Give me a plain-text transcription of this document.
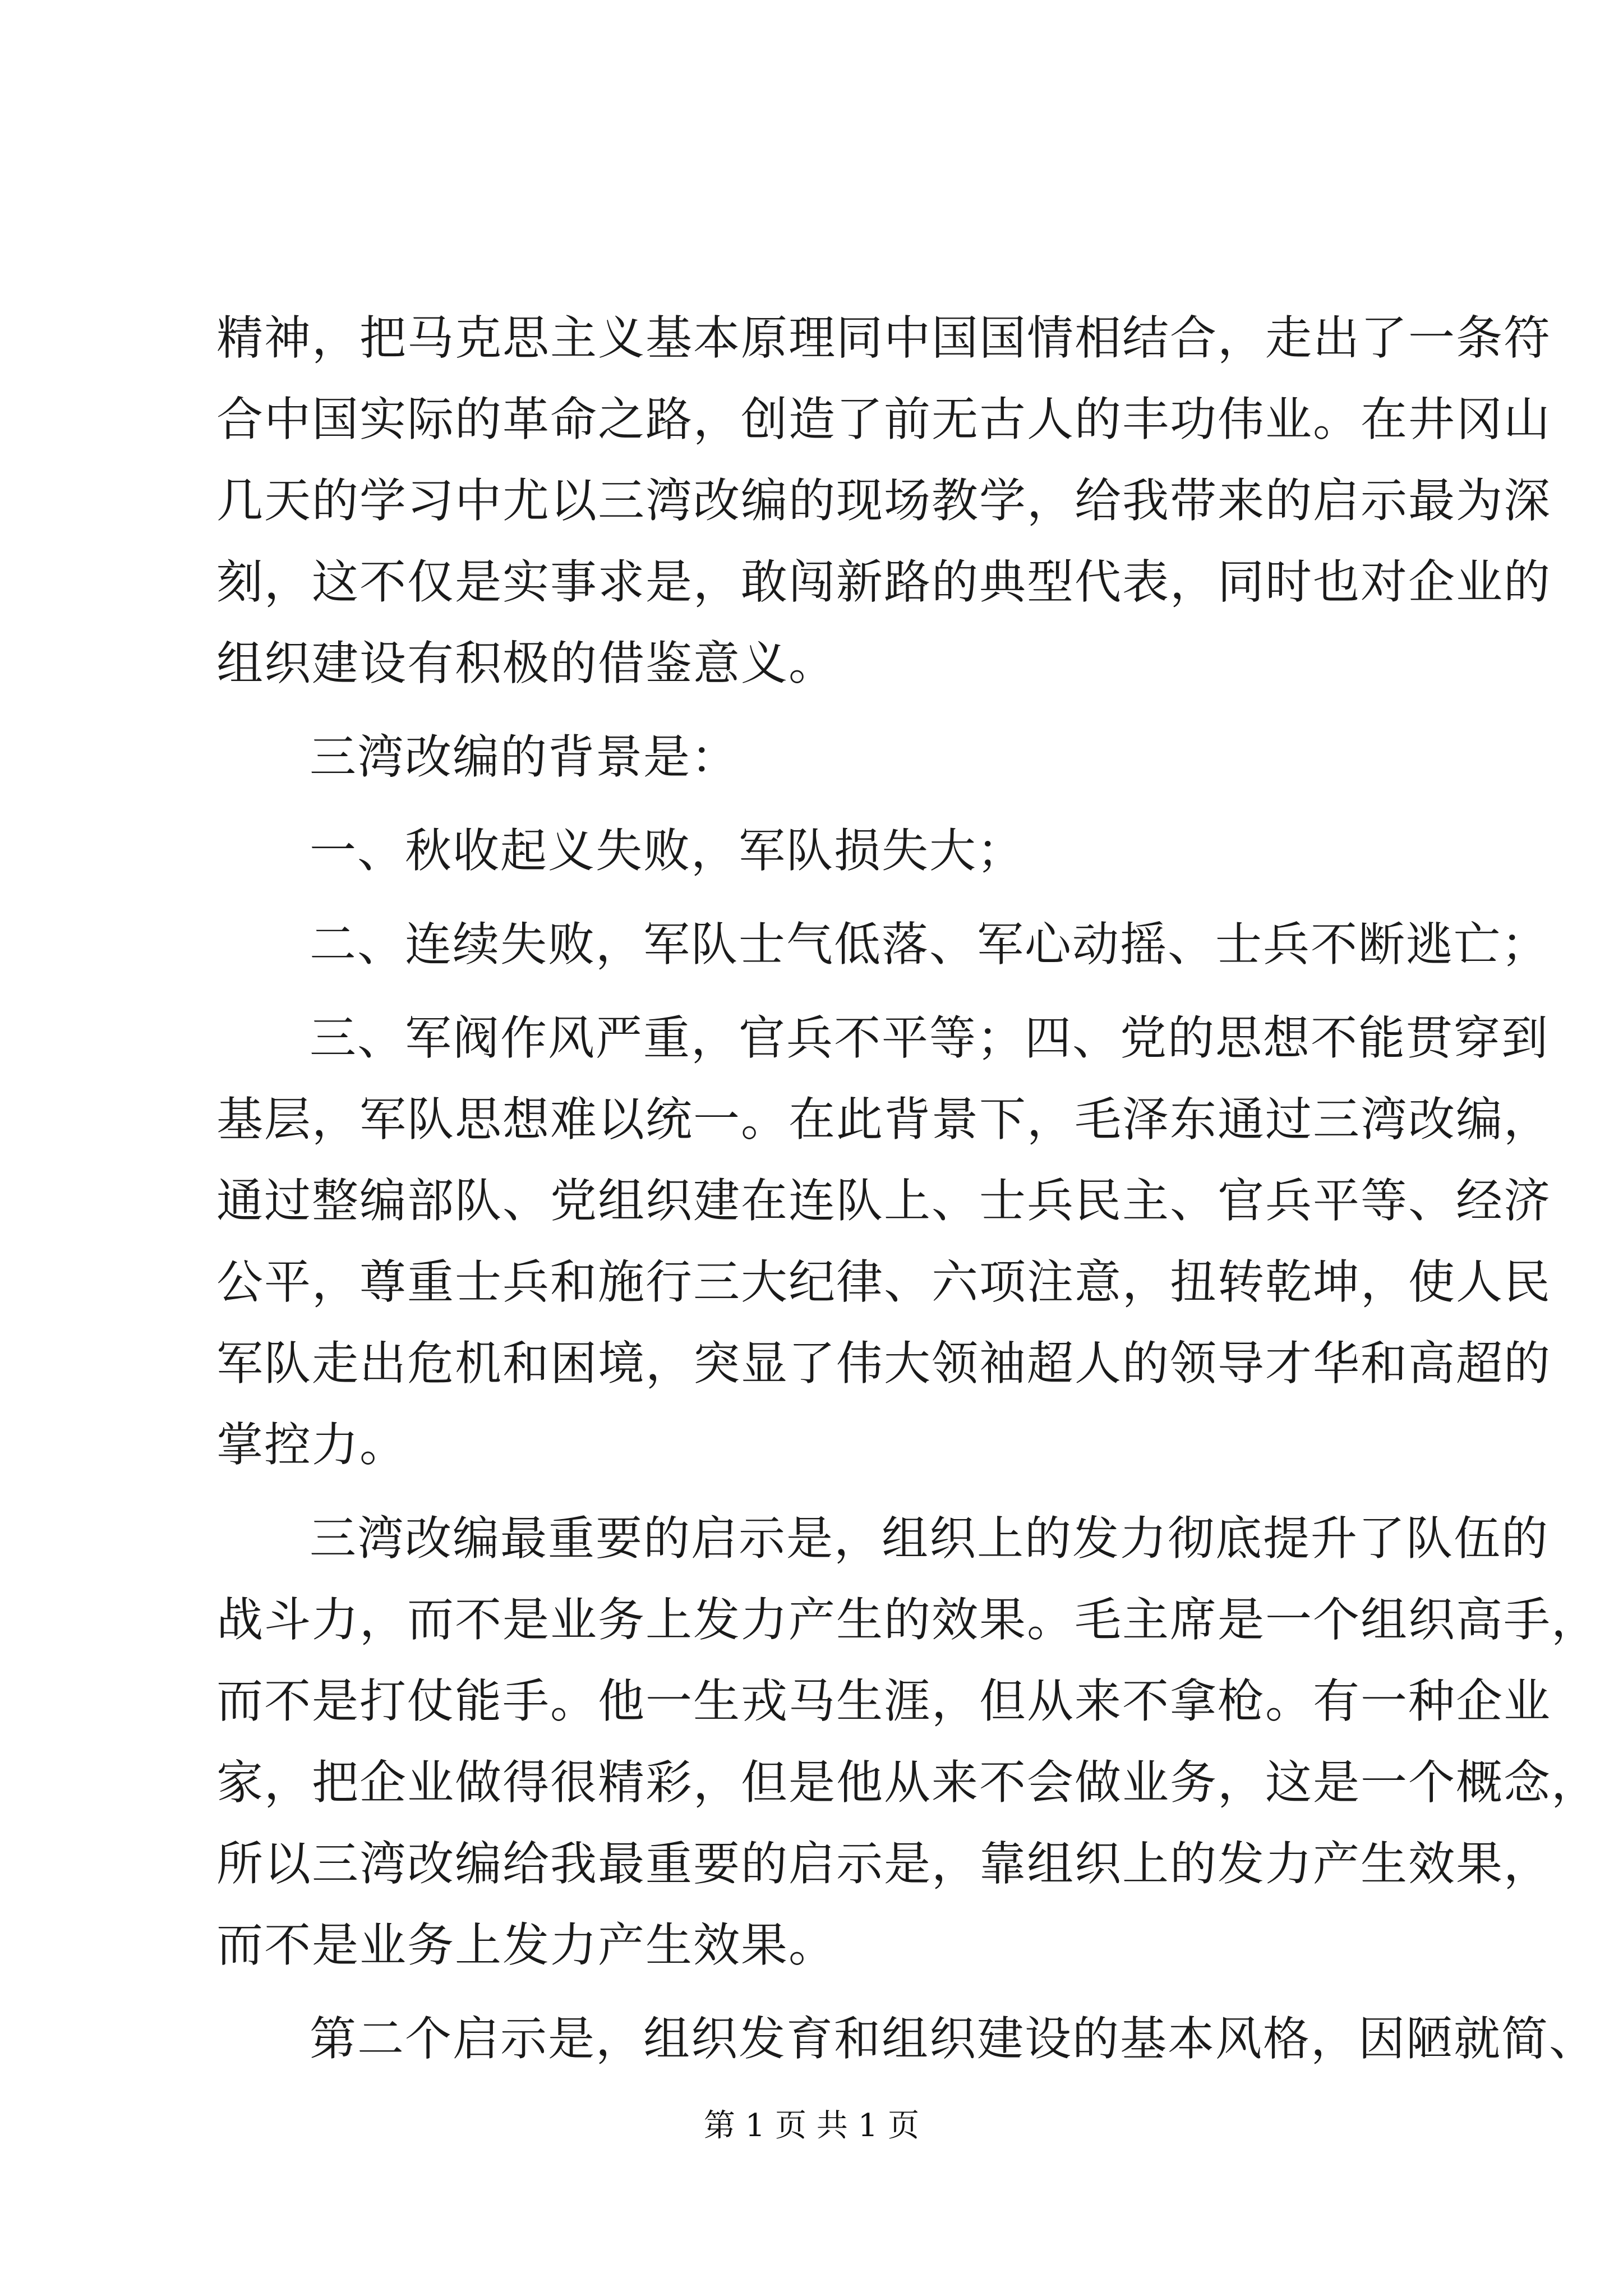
精神，把马克思主义基本原理同中国国情相结合，走出了一条符
合中国实际的革命之路，创造了前无古人的丰功伟业。在井冈山
几天的学习中尤以三湾改编的现场教学，给我带来的启示最为深
刻，这不仅是实事求是，敢闯新路的典型代表，同时也对企业的
组织建设有积极的借鉴意义。
三湾改编的背景是：
一、秋收起义失败，军队损失大；
二、连续失败，军队士气低落、军心动摇、士兵不断逃亡；
三、军阀作风严重，官兵不平等；四、党的思想不能贯穿到
基层，军队思想难以统一。在此背景下，毛泽东通过三湾改编，
通过整编部队、党组织建在连队上、士兵民主、官兵平等、经济
公平，尊重士兵和施行三大纪律、六项注意，扭转乾坤，使人民
军队走出危机和困境，突显了伟大领袖超人的领导才华和高超的
掌控力。
三湾改编最重要的启示是，组织上的发力彻底提升了队伍的
战斗力，而不是业务上发力产生的效果。毛主席是一个组织高手，
而不是打仗能手。他一生戎马生涯，但从来不拿枪。有一种企业
家，把企业做得很精彩，但是他从来不会做业务，这是一个概念，
所以三湾改编给我最重要的启示是，靠组织上的发力产生效果，
而不是业务上发力产生效果。
第二个启示是，组织发育和组织建设的基本风格，因陋就简、
第 1 页 共 1 页
